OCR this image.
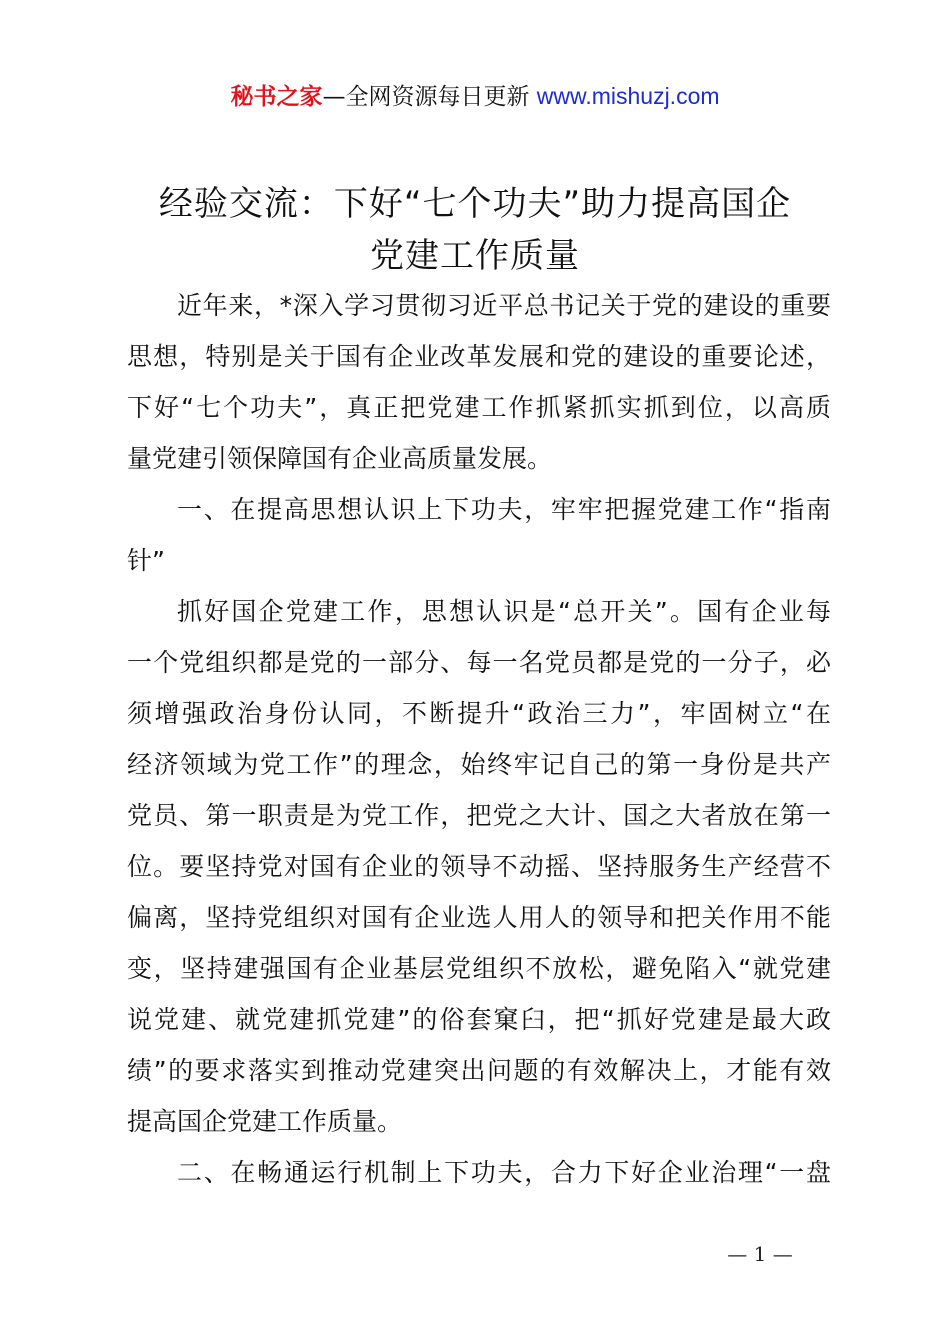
秘书之家—全网资源每日更新 www.mishuzj.com
经验交流：下好“七个功夫”助力提高国企
党建工作质量
近年来，*深入学习贯彻习近平总书记关于党的建设的重要
思想，特别是关于国有企业改革发展和党的建设的重要论述，
下好“七个功夫”，真正把党建工作抓紧抓实抓到位，以高质
量党建引领保障国有企业高质量发展。
一、在提高思想认识上下功夫，牢牢把握党建工作“指南
针”
抓好国企党建工作，思想认识是“总开关”。国有企业每
一个党组织都是党的一部分、每一名党员都是党的一分子，必
须增强政治身份认同，不断提升“政治三力”，牢固树立“在
经济领域为党工作”的理念，始终牢记自己的第一身份是共产
党员、第一职责是为党工作，把党之大计、国之大者放在第一
位。要坚持党对国有企业的领导不动摇、坚持服务生产经营不
偏离，坚持党组织对国有企业选人用人的领导和把关作用不能
变，坚持建强国有企业基层党组织不放松，避免陷入“就党建
说党建、就党建抓党建”的俗套窠臼，把“抓好党建是最大政
绩”的要求落实到推动党建突出问题的有效解决上，才能有效
提高国企党建工作质量。
二、在畅通运行机制上下功夫，合力下好企业治理“一盘
— 1 —
